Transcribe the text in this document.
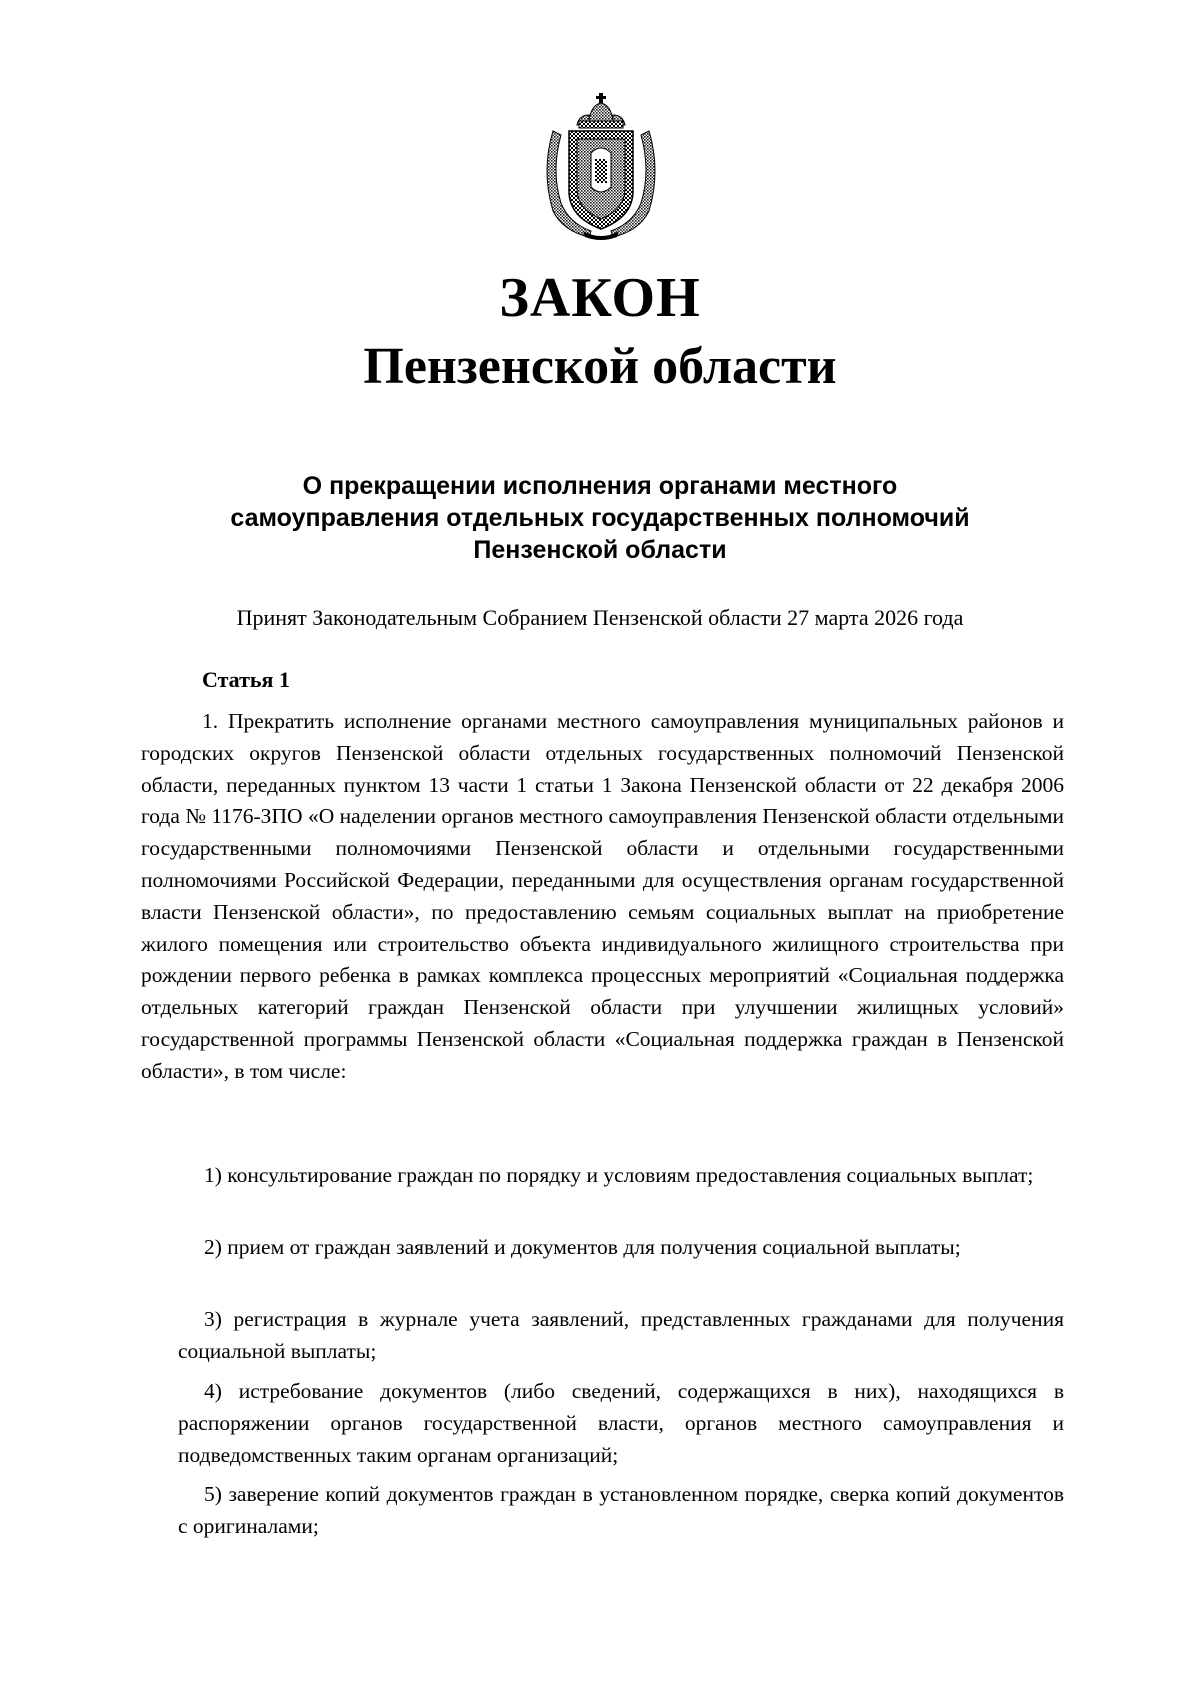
ЗАКОН
Пензенской области
О прекращении исполнения органами местного
самоуправления отдельных государственных полномочий
Пензенской области
Принят Законодательным Собранием Пензенской области 27 марта 2026 года
Статья 1
1. Прекратить исполнение органами местного самоуправления муниципальных районов и городских округов Пензенской области отдельных государственных полномочий Пензенской области, переданных пунктом 13 части 1 статьи 1 Закона Пензенской области от 22 декабря 2006 года № 1176-ЗПО «О наделении органов местного самоуправления Пензенской области отдельными государственными полномочиями Пензенской области и отдельными государственными полномочиями Российской Федерации, переданными для осуществления органам государственной власти Пензенской области», по предоставлению семьям социальных выплат на приобретение жилого помещения или строительство объекта индивидуального жилищного строительства при рождении первого ребенка в рамках комплекса процессных мероприятий «Социальная поддержка отдельных категорий граждан Пензенской области при улучшении жилищных условий» государственной программы Пензенской области «Социальная поддержка граждан в Пензенской области», в том числе:
1) консультирование граждан по порядку и условиям предоставления социальных выплат;
2) прием от граждан заявлений и документов для получения социальной выплаты;
3) регистрация в журнале учета заявлений, представленных гражданами для получения социальной выплаты;
4) истребование документов (либо сведений, содержащихся в них), находящихся в распоряжении органов государственной власти, органов местного самоуправления и подведомственных таким органам организаций;
5) заверение копий документов граждан в установленном порядке, сверка копий документов с оригиналами;
